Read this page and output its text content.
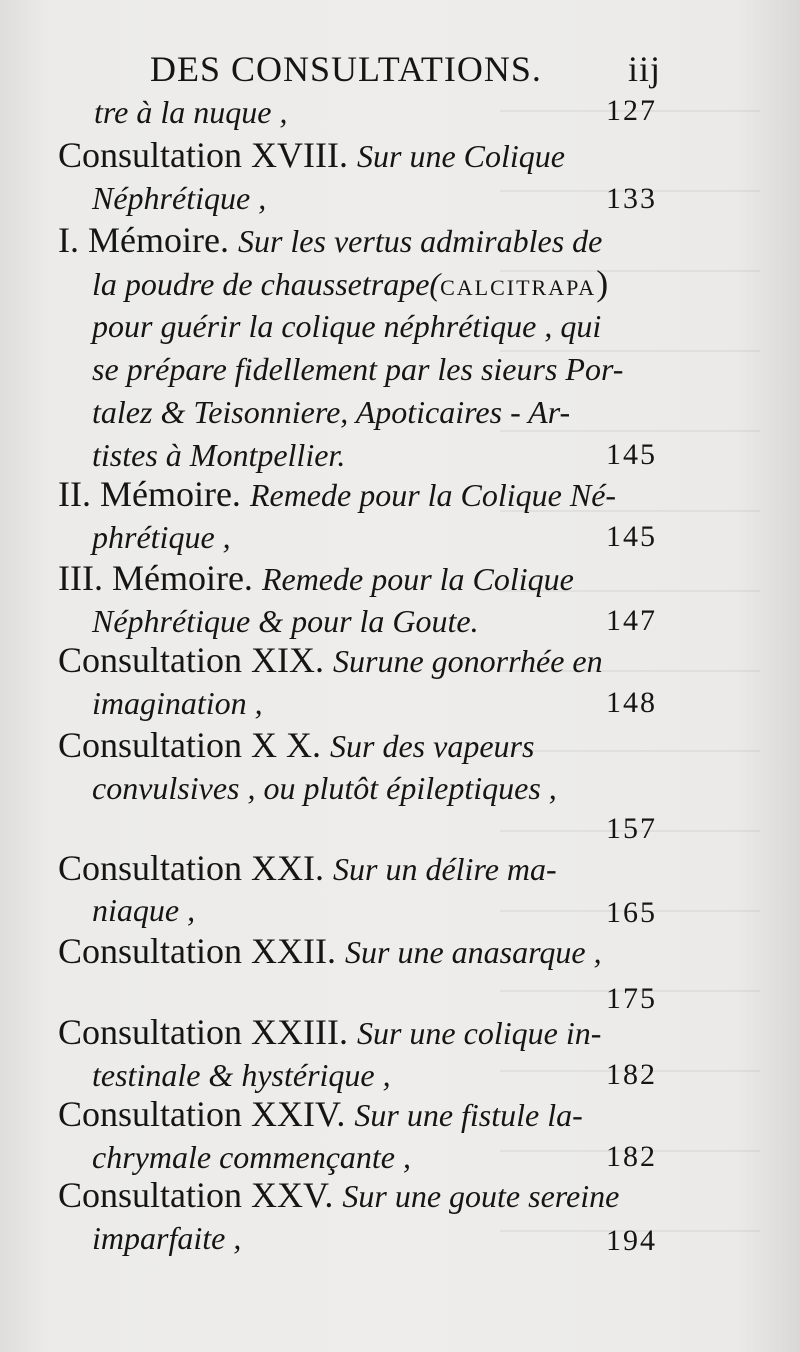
DES CONSULTATIONS. iij
tre à la nuque ,	127
Consultation XVIII. Sur une Colique
Néphrétique ,	133
I. Mémoire. Sur les vertus admirables de
la poudre de chaussetrape(CALCITRAPA)
pour guérir la colique néphrétique , qui
se prépare fidellement par les sieurs Por-
talez & Teisonniere, Apoticaires - Ar-
tistes à Montpellier.	145
II. Mémoire. Remede pour la Colique Né-
phrétique ,	145
III. Mémoire. Remede pour la Colique
Néphrétique & pour la Goute.	147
Consultation XIX. Surune gonorrhée en
imagination ,	148
Consultation X X. Sur des vapeurs
convulsives , ou plutôt épileptiques ,
157
Consultation XXI. Sur un délire ma-
niaque ,	165
Consultation XXII. Sur une anasarque ,
175
Consultation XXIII. Sur une colique in-
testinale & hystérique ,	182
Consultation XXIV. Sur une fistule la-
chrymale commençante ,	182
Consultation XXV. Sur une goute sereine
imparfaite ,	194
